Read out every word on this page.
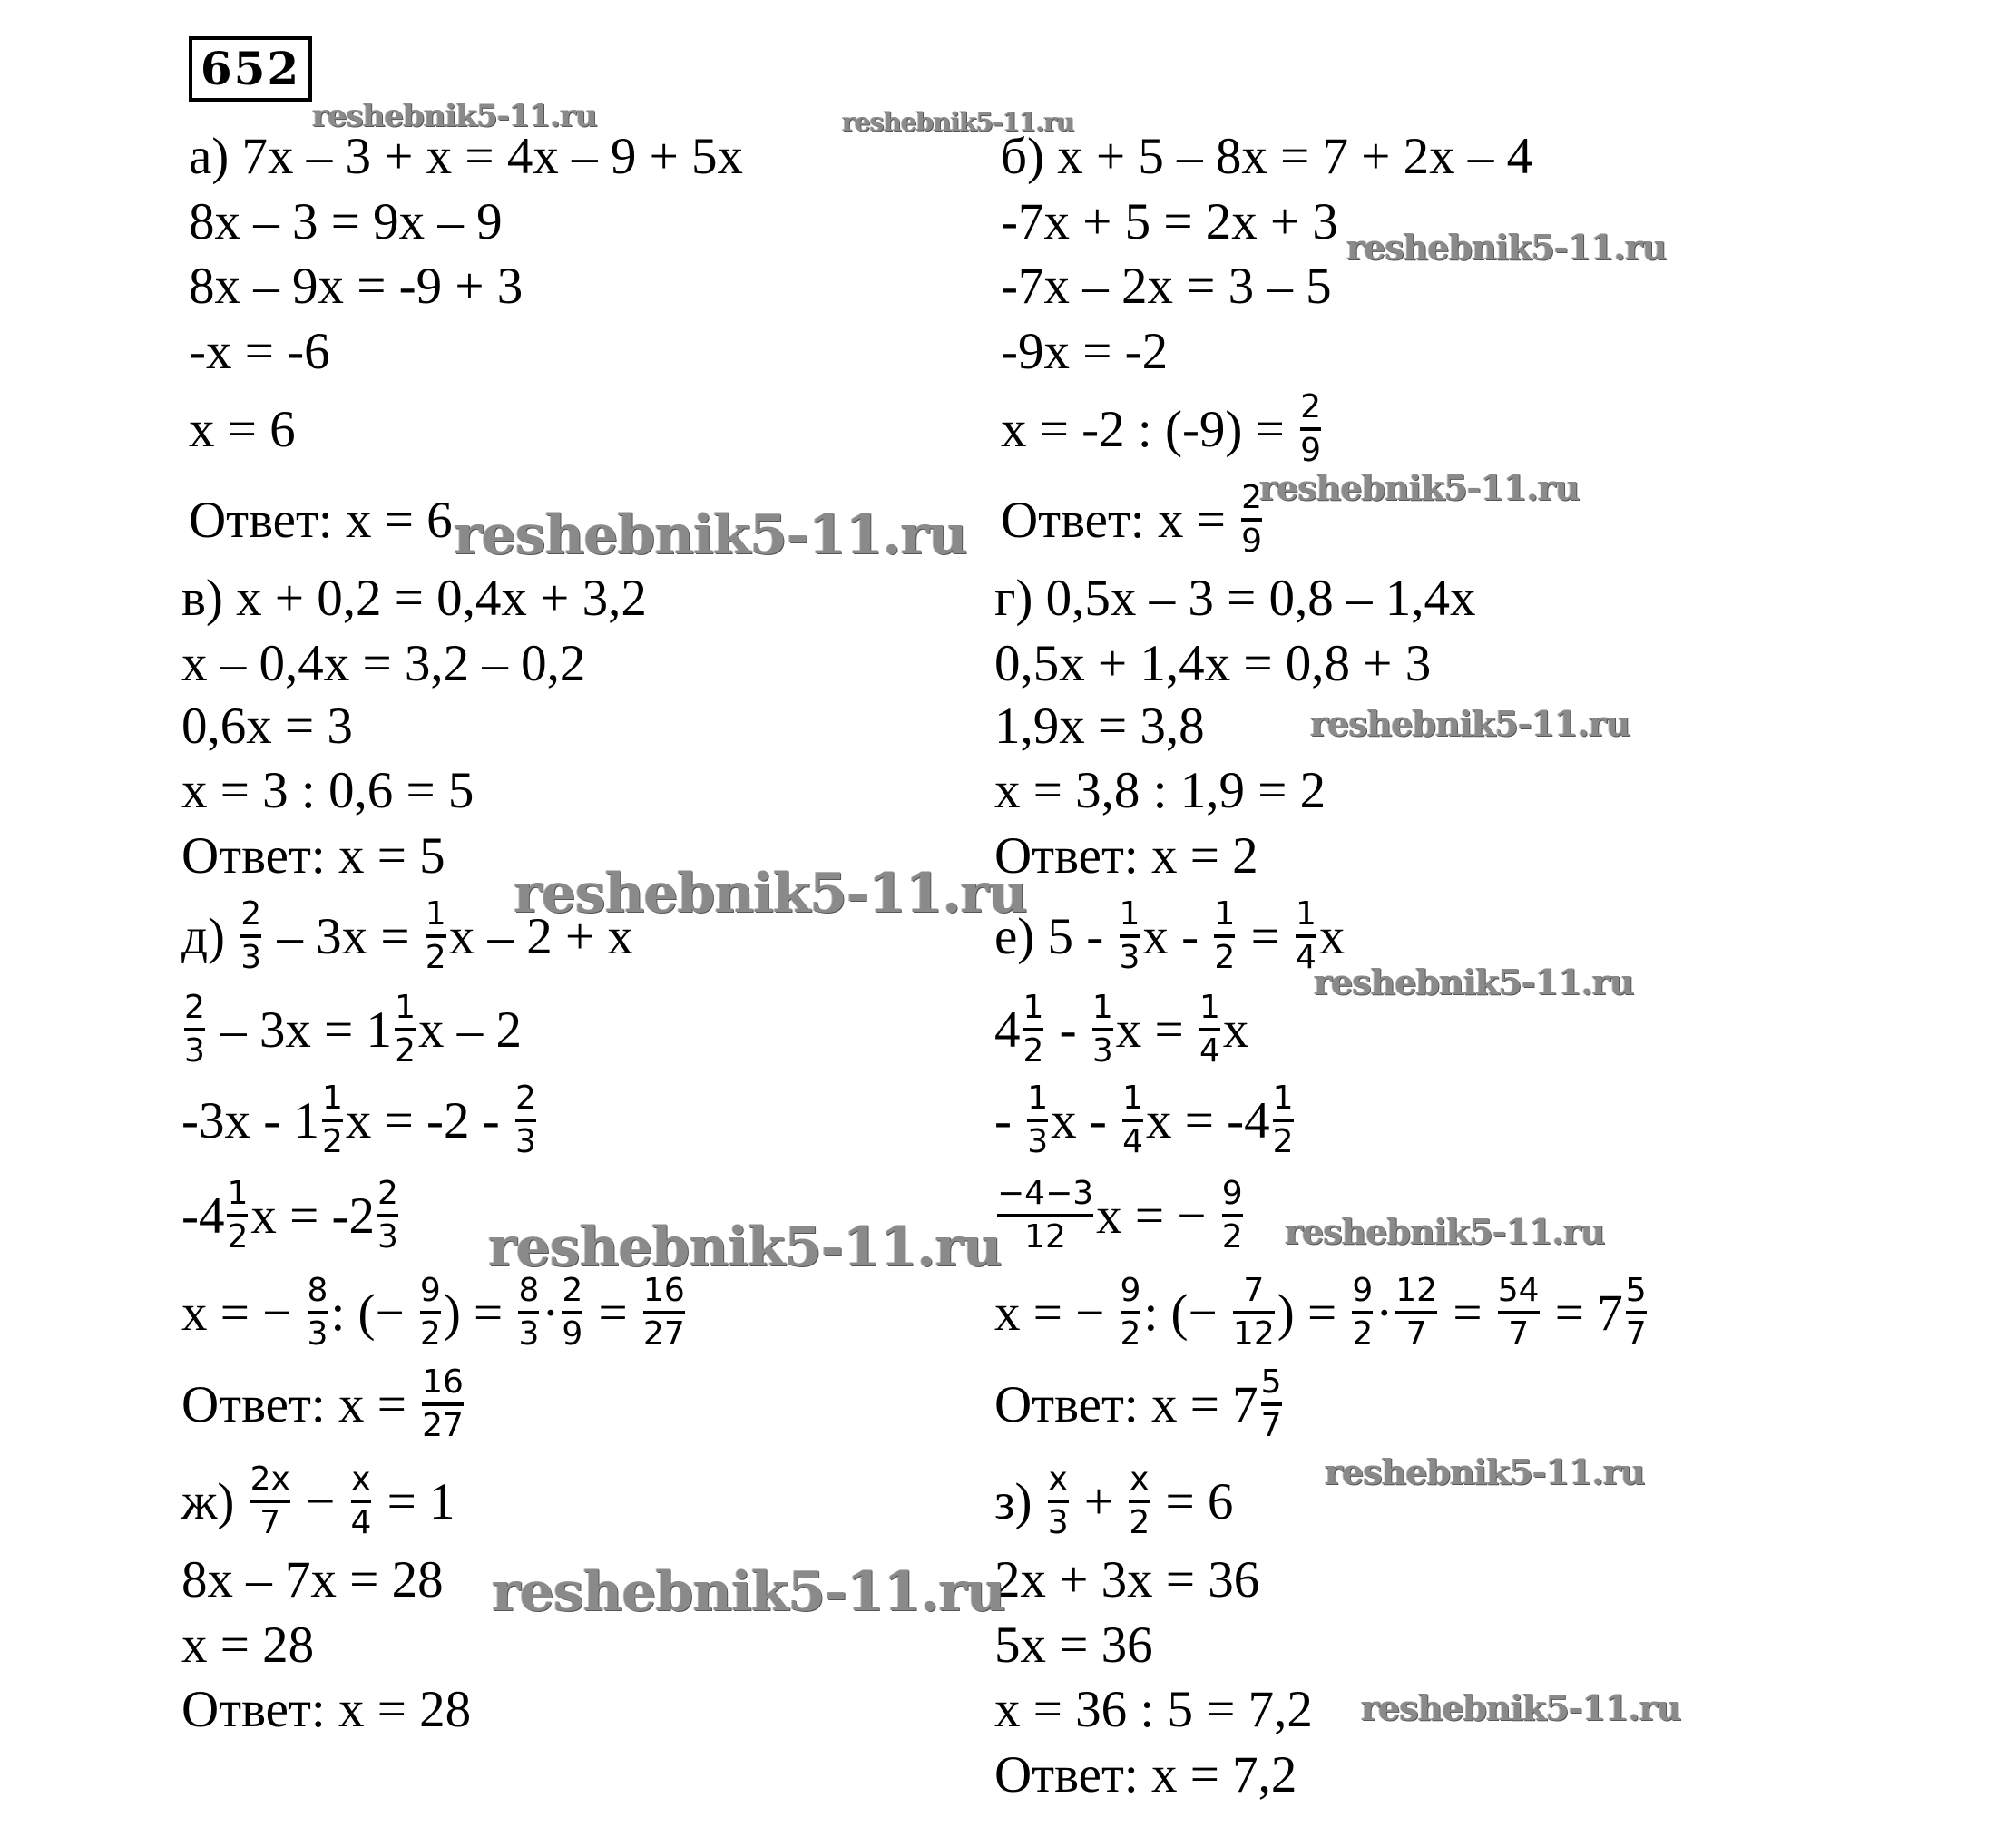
652
а) 7x – 3 + x = 4x – 9 + 5x
8x – 3 = 9x – 9
8x – 9x = -9 + 3
-x = -6
x = 6
Ответ: x = 6
б) x + 5 – 8x = 7 + 2x – 4
-7x + 5 = 2x + 3
-7x – 2x = 3 – 5
-9x = -2
x = -2 : $(-9) = \frac{2}{9}$
Ответ: $x = \frac{2}{9}$
в) x + 0,2 = 0,4x + 3,2
x – 0,4x = 3,2 – 0,2
0,6x = 3
x = 3 : 0,6 = 5
Ответ: x = 5
г) 0,5x – 3 = 0,8 – 1,4x
0,5x + 1,4x = 0,8 + 3
1,9x = 3,8
x = 3,8 : 1,9 = 2
Ответ: x = 2
$д) \frac{2}{3} - 3x = \frac{1}{2}$ x – 2 + x
$\frac{2}{3} - 3x = 1 \frac{1}{2}$ x – 2
$-3x - 1 \frac{1}{2}$ $x = -2 - \frac{2}{3}$
$-4 \frac{1}{2}$ $x = -2 \frac{2}{3}$
x = − $\frac{8}{3}$ : (− $\frac{9}{2}$ ) = $\frac{8}{3} \cdot \frac{2}{9} = \frac{16}{27}$
Ответ: $x = \frac{16}{27}$
е) $5 - \frac{1}{3}$ $x - \frac{1}{2} = \frac{1}{4}$ x
$4 \frac{1}{2} - \frac{1}{3}$ $x = \frac{1}{4}$ x
- $\frac{1}{3}$ x - $\frac{1}{4}$ $x = -4 \frac{1}{2}$
$\frac{-4-3}{12}$ x = − $\frac{9}{2}$
x = − $\frac{9}{2}$ : (− $\frac{7}{12}$ ) = $\frac{9}{2} \cdot \frac{12}{7} = \frac{54}{7} = 7 \frac{5}{7}$
Ответ: $x = 7 \frac{5}{7}$
$ж) \frac{2x}{7} - \frac{x}{4} = 1$
8x – 7x = 28
x = 28
Ответ: x = 28
$з) \frac{x}{3} + \frac{x}{2} = 6$
2x + 3x = 36
5x = 36
x = 36 : 5 = 7,2
Ответ: x = 7,2
reshebnik5-11.ru	reshebnik5-11.ru
reshebnik5-11.ru
reshebnik5-11.ru
reshebnik5-11.ru
reshebnik5-11.ru
reshebnik5-11.ru
reshebnik5-11.ru
reshebnik5-11.ru	reshebnik5-11.ru
reshebnik5-11.ru
reshebnik5-11.ru
reshebnik5-11.ru
